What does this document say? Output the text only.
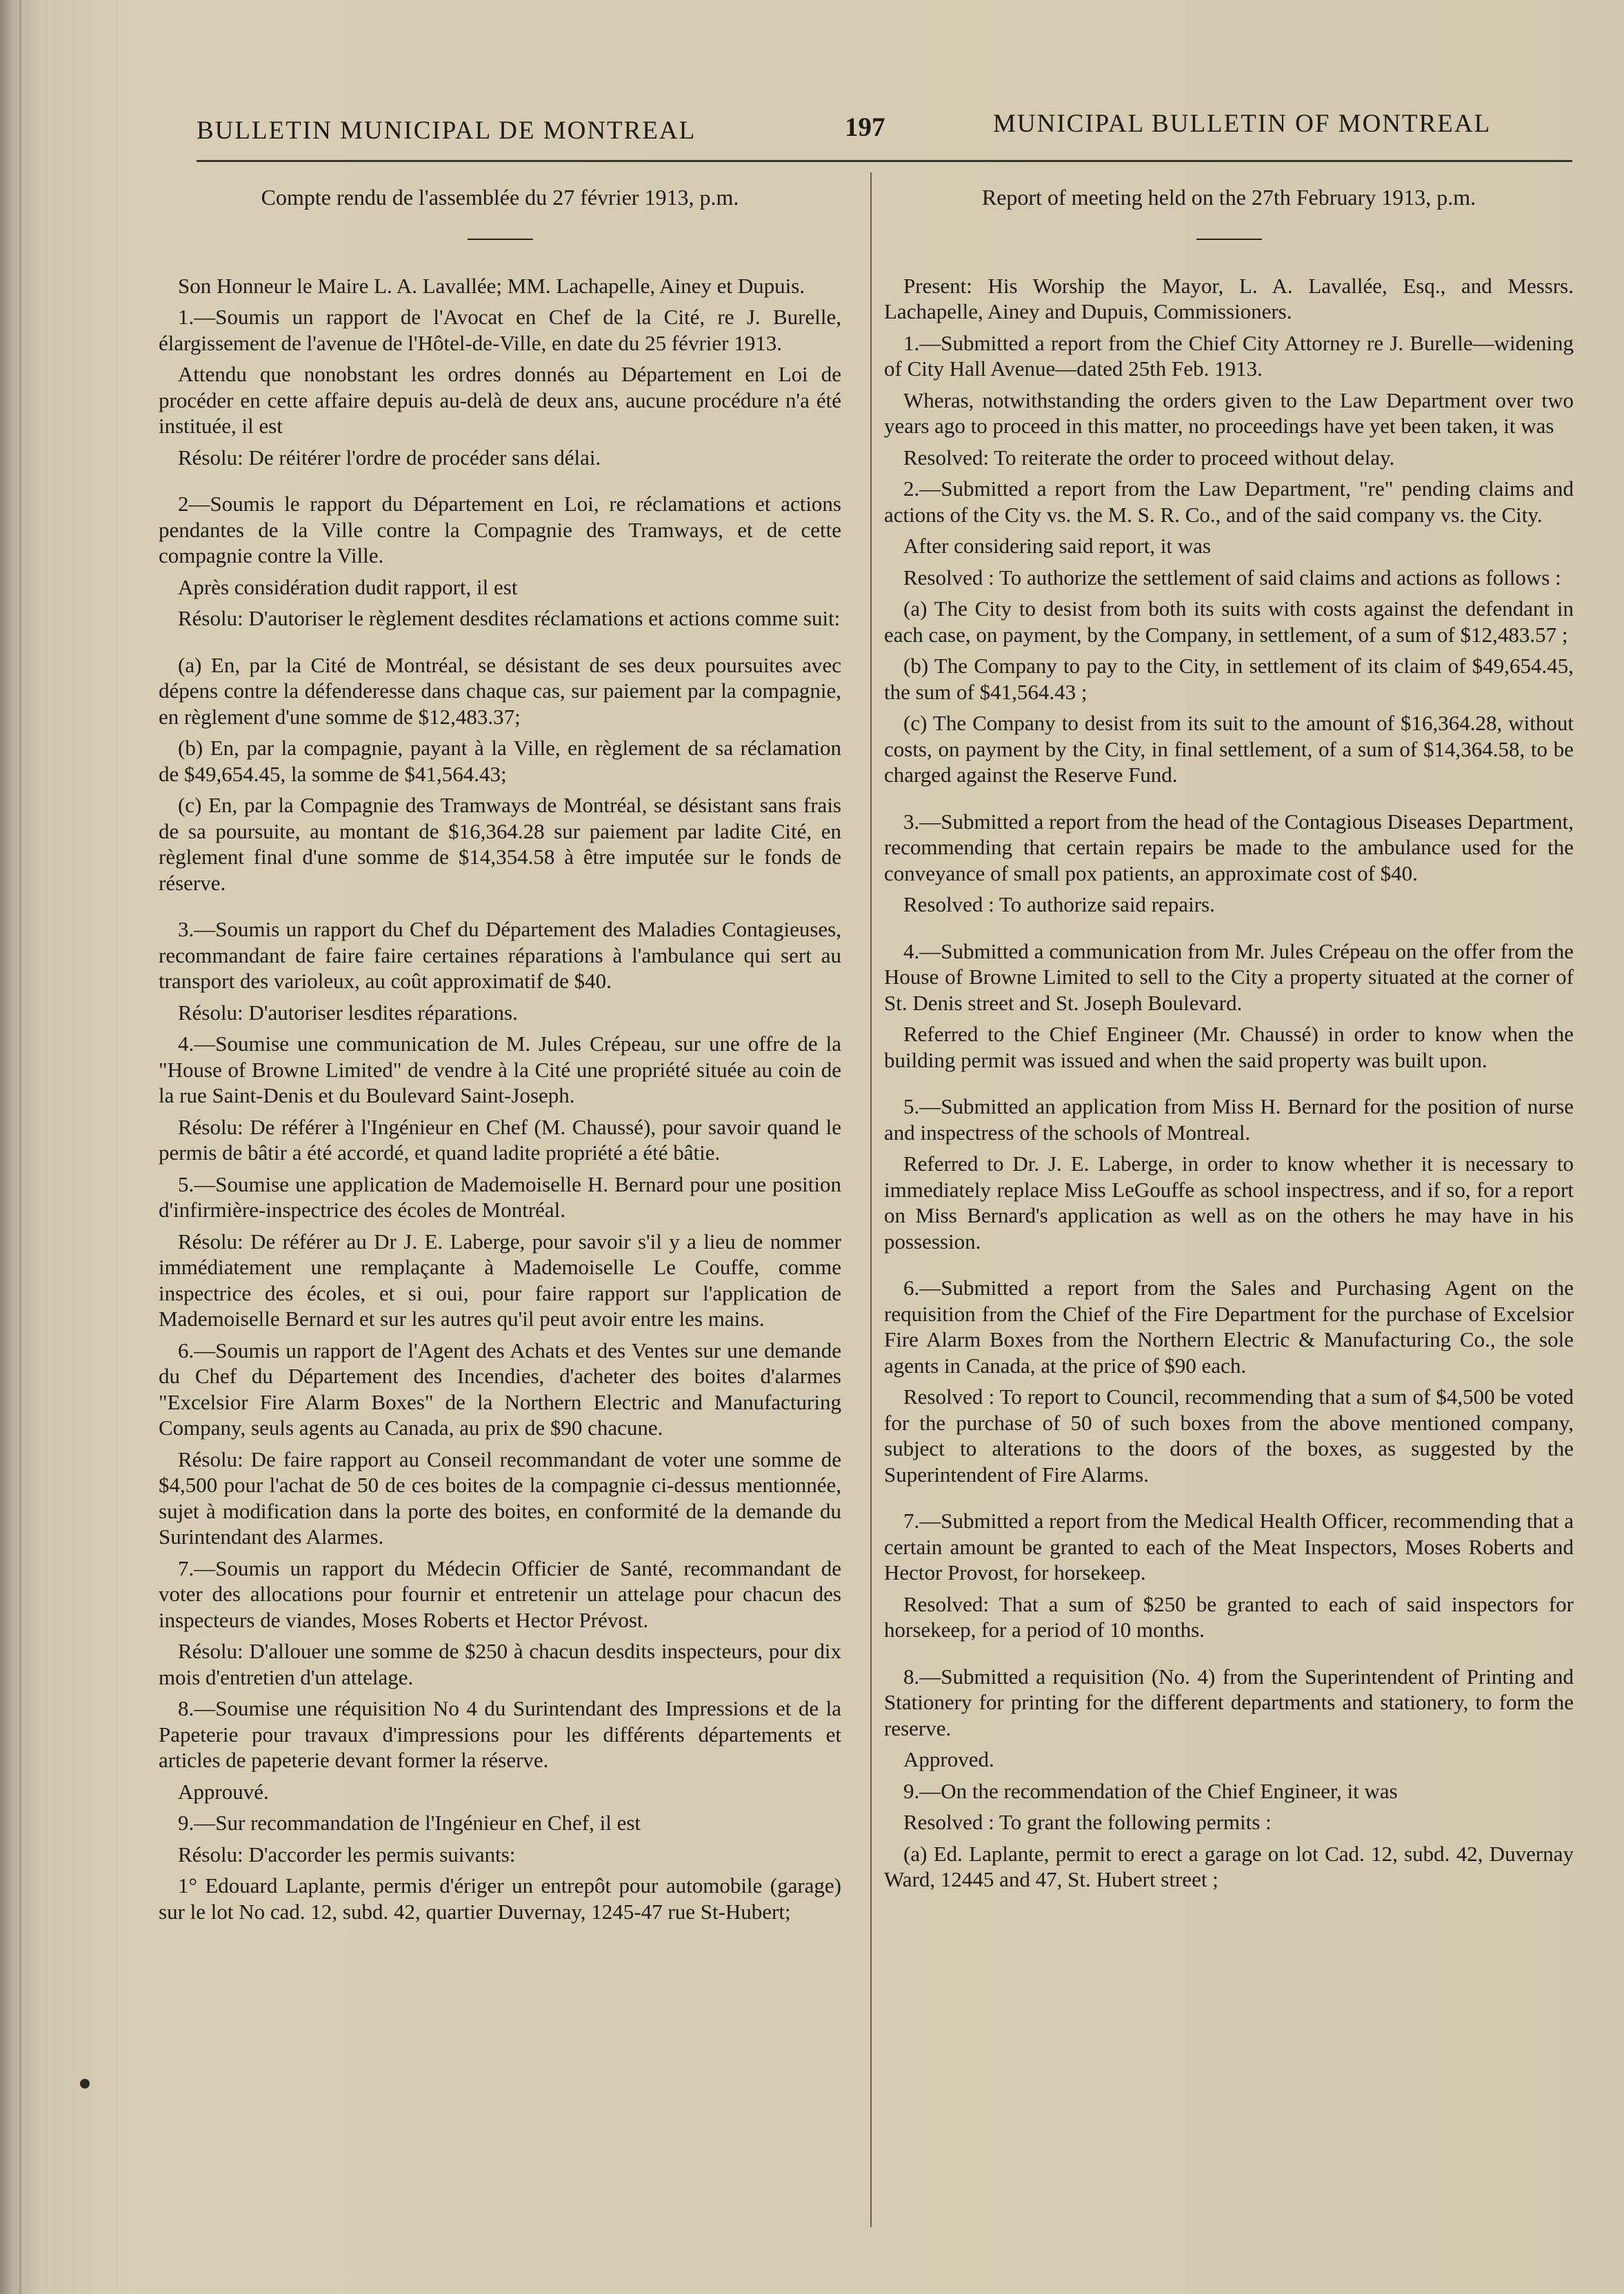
BULLETIN MUNICIPAL DE MONTREAL	197	MUNICIPAL BULLETIN OF MONTREAL
Compte rendu de l'assemblée du 27 février 1913, p.m.

Son Honneur le Maire L. A. Lavallée; MM. Lachapelle, Ainey et Dupuis.

1.—Soumis un rapport de l'Avocat en Chef de la Cité, re J. Burelle, élargissement de l'avenue de l'Hôtel-de-Ville, en date du 25 février 1913.

Attendu que nonobstant les ordres donnés au Département en Loi de procéder en cette affaire depuis au-delà de deux ans, aucune procédure n'a été instituée, il est

Résolu: De réitérer l'ordre de procéder sans délai.

2—Soumis le rapport du Département en Loi, re réclamations et actions pendantes de la Ville contre la Compagnie des Tramways, et de cette compagnie contre la Ville.

Après considération dudit rapport, il est

Résolu: D'autoriser le règlement desdites réclamations et actions comme suit:

(a) En, par la Cité de Montréal, se désistant de ses deux poursuites avec dépens contre la défenderesse dans chaque cas, sur paiement par la compagnie, en règlement d'une somme de $12,483.37;

(b) En, par la compagnie, payant à la Ville, en règlement de sa réclamation de $49,654.45, la somme de $41,564.43;

(c) En, par la Compagnie des Tramways de Montréal, se désistant sans frais de sa poursuite, au montant de $16,364.28 sur paiement par ladite Cité, en règlement final d'une somme de $14,354.58 à être imputée sur le fonds de réserve.

3.—Soumis un rapport du Chef du Département des Maladies Contagieuses, recommandant de faire faire certaines réparations à l'ambulance qui sert au transport des varioleux, au coût approximatif de $40.

Résolu: D'autoriser lesdites réparations.

4.—Soumise une communication de M. Jules Crépeau, sur une offre de la "House of Browne Limited" de vendre à la Cité une propriété située au coin de la rue Saint-Denis et du Boulevard Saint-Joseph.

Résolu: De référer à l'Ingénieur en Chef (M. Chaussé), pour savoir quand le permis de bâtir a été accordé, et quand ladite propriété a été bâtie.

5.—Soumise une application de Mademoiselle H. Bernard pour une position d'infirmière-inspectrice des écoles de Montréal.

Résolu: De référer au Dr J. E. Laberge, pour savoir s'il y a lieu de nommer immédiatement une remplaçante à Mademoiselle Le Couffe, comme inspectrice des écoles, et si oui, pour faire rapport sur l'application de Mademoiselle Bernard et sur les autres qu'il peut avoir entre les mains.

6.—Soumis un rapport de l'Agent des Achats et des Ventes sur une demande du Chef du Département des Incendies, d'acheter des boites d'alarmes "Excelsior Fire Alarm Boxes" de la Northern Electric and Manufacturing Company, seuls agents au Canada, au prix de $90 chacune.

Résolu: De faire rapport au Conseil recommandant de voter une somme de $4,500 pour l'achat de 50 de ces boites de la compagnie ci-dessus mentionnée, sujet à modification dans la porte des boites, en conformité de la demande du Surintendant des Alarmes.

7.—Soumis un rapport du Médecin Officier de Santé, recommandant de voter des allocations pour fournir et entretenir un attelage pour chacun des inspecteurs de viandes, Moses Roberts et Hector Prévost.

Résolu: D'allouer une somme de $250 à chacun desdits inspecteurs, pour dix mois d'entretien d'un attelage.

8.—Soumise une réquisition No 4 du Surintendant des Impressions et de la Papeterie pour travaux d'impressions pour les différents départements et articles de papeterie devant former la réserve.

Approuvé.

9.—Sur recommandation de l'Ingénieur en Chef, il est

Résolu: D'accorder les permis suivants:

1° Edouard Laplante, permis d'ériger un entrepôt pour automobile (garage) sur le lot No cad. 12, subd. 42, quartier Duvernay, 1245-47 rue St-Hubert;

Report of meeting held on the 27th February 1913, p.m.

Present: His Worship the Mayor, L. A. Lavallée, Esq., and Messrs. Lachapelle, Ainey and Dupuis, Commissioners.

1.—Submitted a report from the Chief City Attorney re J. Burelle—widening of City Hall Avenue—dated 25th Feb. 1913.

Wheras, notwithstanding the orders given to the Law Department over two years ago to proceed in this matter, no proceedings have yet been taken, it was

Resolved: To reiterate the order to proceed without delay.

2.—Submitted a report from the Law Department, "re" pending claims and actions of the City vs. the M. S. R. Co., and of the said company vs. the City.

After considering said report, it was

Resolved : To authorize the settlement of said claims and actions as follows :

(a) The City to desist from both its suits with costs against the defendant in each case, on payment, by the Company, in settlement, of a sum of $12,483.57 ;

(b) The Company to pay to the City, in settlement of its claim of $49,654.45, the sum of $41,564.43 ;

(c) The Company to desist from its suit to the amount of $16,364.28, without costs, on payment by the City, in final settlement, of a sum of $14,364.58, to be charged against the Reserve Fund.

3.—Submitted a report from the head of the Contagious Diseases Department, recommending that certain repairs be made to the ambulance used for the conveyance of small pox patients, an approximate cost of $40.

Resolved : To authorize said repairs.

4.—Submitted a communication from Mr. Jules Crépeau on the offer from the House of Browne Limited to sell to the City a property situated at the corner of St. Denis street and St. Joseph Boulevard.

Referred to the Chief Engineer (Mr. Chaussé) in order to know when the building permit was issued and when the said property was built upon.

5.—Submitted an application from Miss H. Bernard for the position of nurse and inspectress of the schools of Montreal.

Referred to Dr. J. E. Laberge, in order to know whether it is necessary to immediately replace Miss LeGouffe as school inspectress, and if so, for a report on Miss Bernard's application as well as on the others he may have in his possession.

6.—Submitted a report from the Sales and Purchasing Agent on the requisition from the Chief of the Fire Department for the purchase of Excelsior Fire Alarm Boxes from the Northern Electric & Manufacturing Co., the sole agents in Canada, at the price of $90 each.

Resolved : To report to Council, recommending that a sum of $4,500 be voted for the purchase of 50 of such boxes from the above mentioned company, subject to alterations to the doors of the boxes, as suggested by the Superintendent of Fire Alarms.

7.—Submitted a report from the Medical Health Officer, recommending that a certain amount be granted to each of the Meat Inspectors, Moses Roberts and Hector Provost, for horsekeep.

Resolved: That a sum of $250 be granted to each of said inspectors for horsekeep, for a period of 10 months.

8.—Submitted a requisition (No. 4) from the Superintendent of Printing and Stationery for printing for the different departments and stationery, to form the reserve.

Approved.

9.—On the recommendation of the Chief Engineer, it was

Resolved : To grant the following permits :

(a) Ed. Laplante, permit to erect a garage on lot Cad. 12, subd. 42, Duvernay Ward, 12445 and 47, St. Hubert street ;
